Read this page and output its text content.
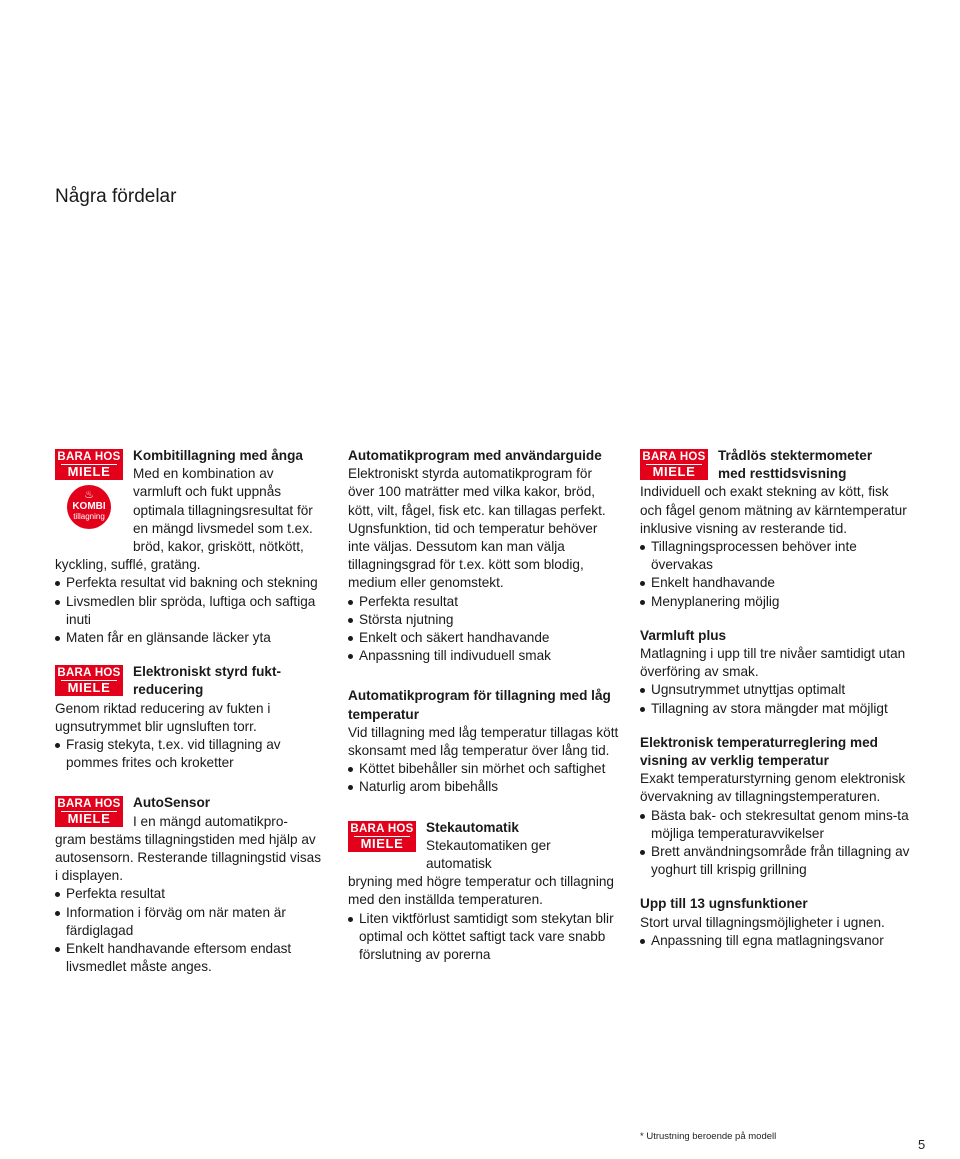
Några fördelar
BARA HOS
MIELE
♨
KOMBI
tillagning
Kombitillagning med ånga
Med en kombination av
varmluft och fukt uppnås
optimala tillagningsresultat för
en mängd livsmedel som t.ex.
bröd, kakor, griskött, nötkött,
kyckling, sufflé, gratäng.
Perfekta resultat vid bakning och stekning
Livsmedlen blir spröda, luftiga och saftiga inuti
Maten får en glänsande läcker yta
BARA HOS
MIELE
Elektroniskt styrd fukt-
reducering
Genom riktad reducering av fukten i ugnsutrymmet blir ugnsluften torr.
Frasig stekyta, t.ex. vid tillagning av pommes frites och kroketter
BARA HOS
MIELE
AutoSensor
I en mängd automatikpro-
gram bestäms tillagningstiden med hjälp av autosensorn. Resterande tillagningstid visas i displayen.
Perfekta resultat
Information i förväg om när maten är färdiglagad
Enkelt handhavande eftersom endast livsmedlet måste anges.
Automatikprogram med användarguide
Elektroniskt styrda automatikprogram för över 100 maträtter med vilka kakor, bröd, kött, vilt, fågel, fisk etc. kan tillagas perfekt. Ugnsfunktion, tid och temperatur behöver inte väljas. Dessutom kan man välja tillagningsgrad för t.ex. kött som blodig, medium eller genomstekt.
Perfekta resultat
Största njutning
Enkelt och säkert handhavande
Anpassning till indivuduell smak
Automatikprogram för tillagning med låg temperatur
Vid tillagning med låg temperatur tillagas kött skonsamt med låg temperatur över lång tid.
Köttet bibehåller sin mörhet och saftighet
Naturlig arom bibehålls
BARA HOS
MIELE
Stekautomatik
Stekautomatiken ger automatisk
bryning med högre temperatur och tillagning med den inställda temperaturen.
Liten viktförlust samtidigt som stekytan blir optimal och köttet saftigt tack vare snabb förslutning av porerna
BARA HOS
MIELE
Trådlös stektermometer
med resttidsvisning
Individuell och exakt stekning av kött, fisk och fågel genom mätning av kärntemperatur inklusive visning av resterande tid.
Tillagningsprocessen behöver inte övervakas
Enkelt handhavande
Menyplanering möjlig
Varmluft plus
Matlagning i upp till tre nivåer samtidigt utan överföring av smak.
Ugnsutrymmet utnyttjas optimalt
Tillagning av stora mängder mat möjligt
Elektronisk temperaturreglering med visning av verklig temperatur
Exakt temperaturstyrning genom elektronisk övervakning av tillagningstemperaturen.
Bästa bak- och stekresultat genom mins-ta möjliga temperaturavvikelser
Brett användningsområde från tillagning av yoghurt till krispig grillning
Upp till 13 ugnsfunktioner
Stort urval tillagningsmöjligheter i ugnen.
Anpassning till egna matlagningsvanor
* Utrustning beroende på modell
5
